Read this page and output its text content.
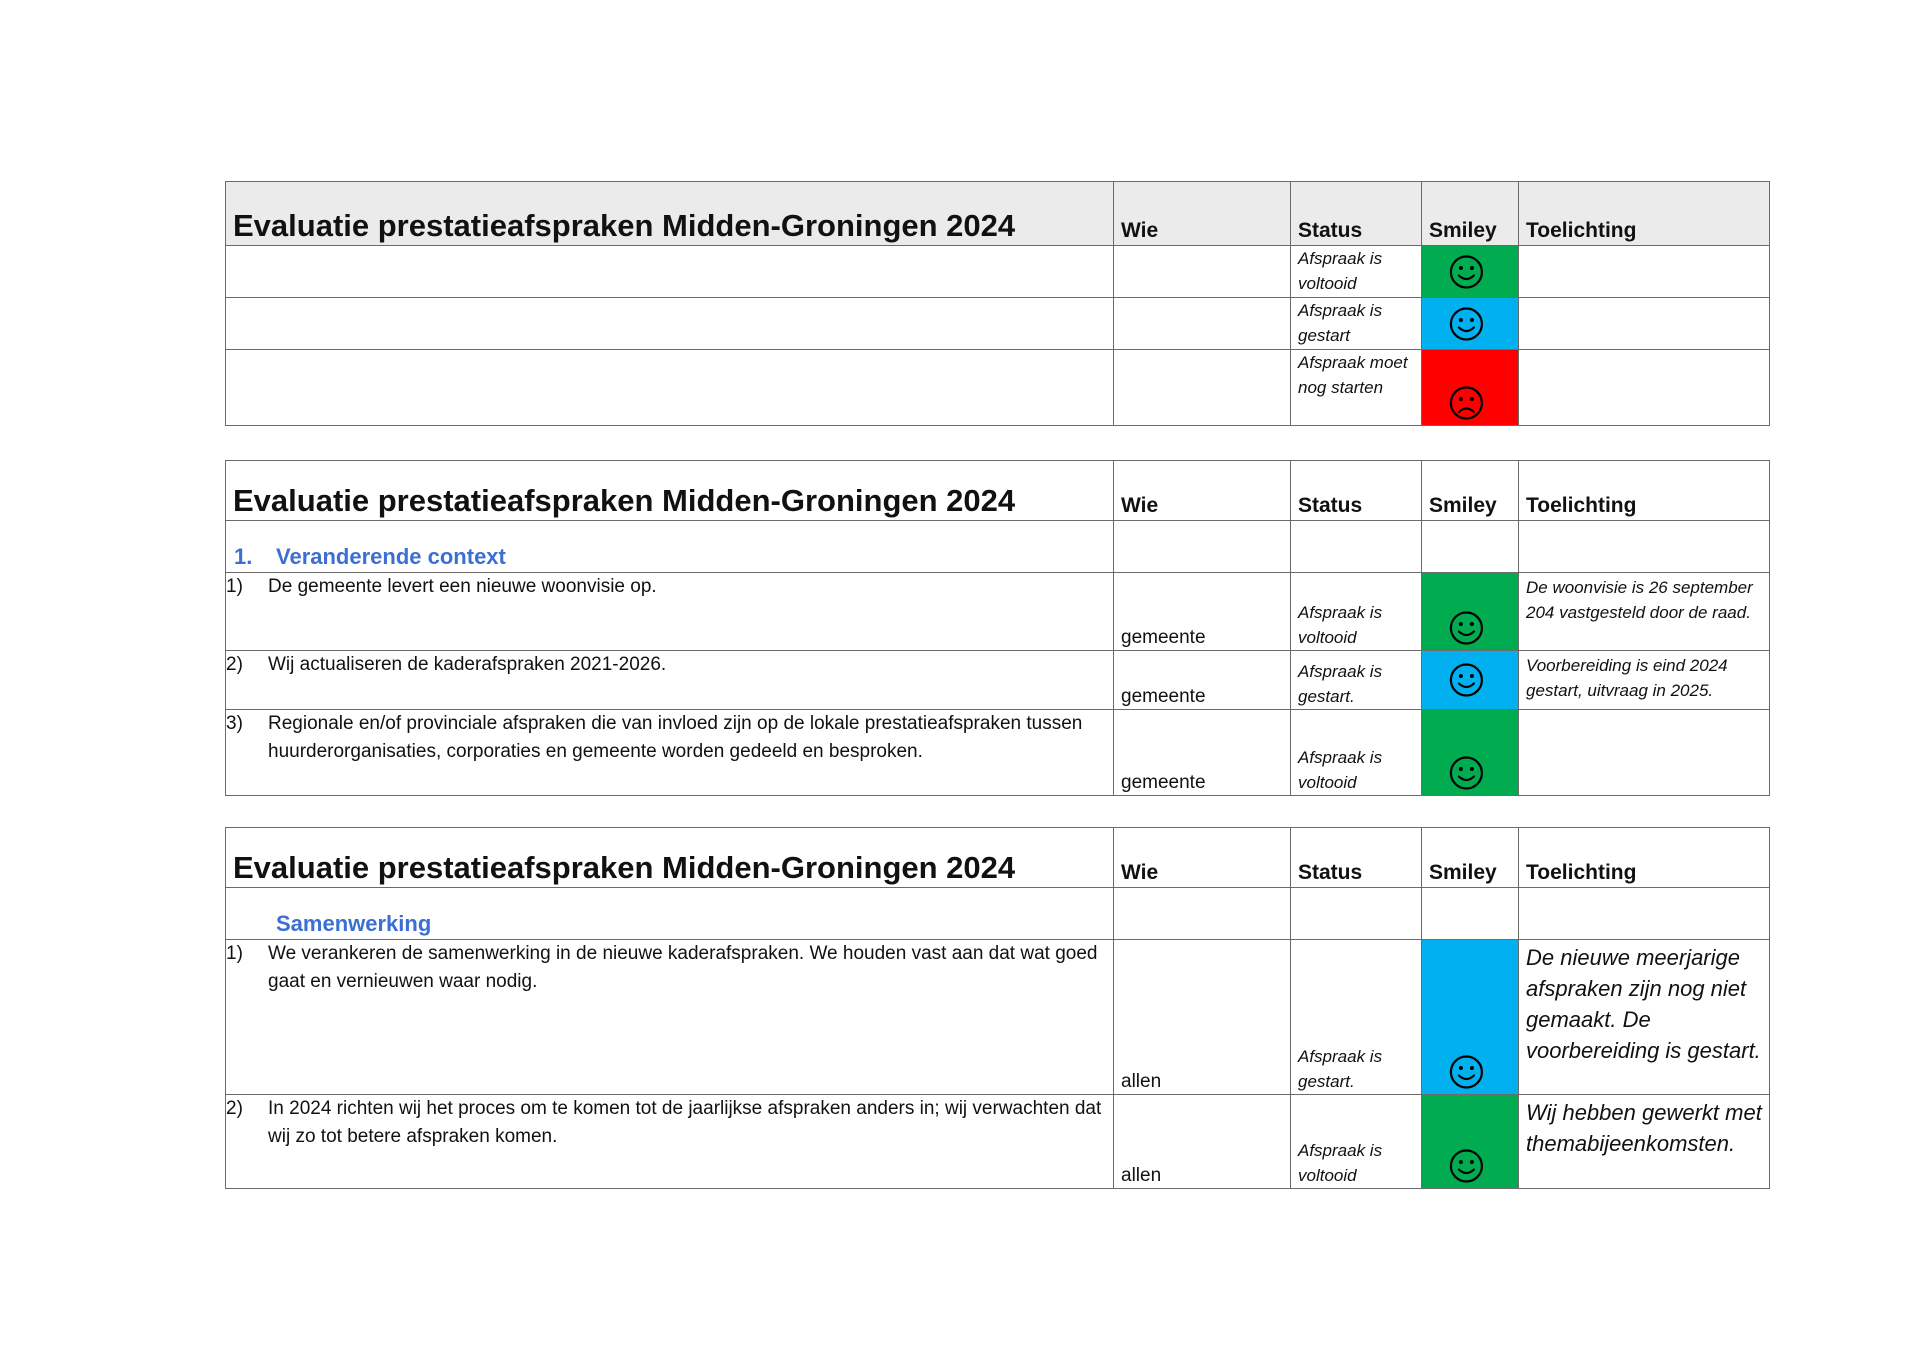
Evaluatie prestatieafspraken Midden-Groningen 2024	Wie	Status	Smiley	Toelichting
		Afspraak is voltooid	

		Afspraak is gestart	

		Afspraak moet nog starten	

Evaluatie prestatieafspraken Midden-Groningen 2024	Wie	Status	Smiley	Toelichting
1. Veranderende context				

1) De gemeente levert een nieuwe woonvisie op.	gemeente	Afspraak is voltooid		De woonvisie is 26 september 204 vastgesteld door de raad.

2) Wij actualiseren de kaderafspraken 2021-2026.	gemeente	Afspraak is gestart.		Voorbereiding is eind 2024 gestart, uitvraag in 2025.

3) Regionale en/of provinciale afspraken die van invloed zijn op de lokale prestatieafspraken tussen huurderorganisaties, corporaties en gemeente worden gedeeld en besproken.	gemeente	Afspraak is voltooid	

Evaluatie prestatieafspraken Midden-Groningen 2024	Wie	Status	Smiley	Toelichting
Samenwerking				

1) We verankeren de samenwerking in de nieuwe kaderafspraken. We houden vast aan dat wat goed gaat en vernieuwen waar nodig.	allen	Afspraak is gestart.		De nieuwe meerjarige afspraken zijn nog niet gemaakt. De voorbereiding is gestart.

2) In 2024 richten wij het proces om te komen tot de jaarlijkse afspraken anders in; wij verwachten dat wij zo tot betere afspraken komen.	allen	Afspraak is voltooid		Wij hebben gewerkt met themabijeenkomsten.
